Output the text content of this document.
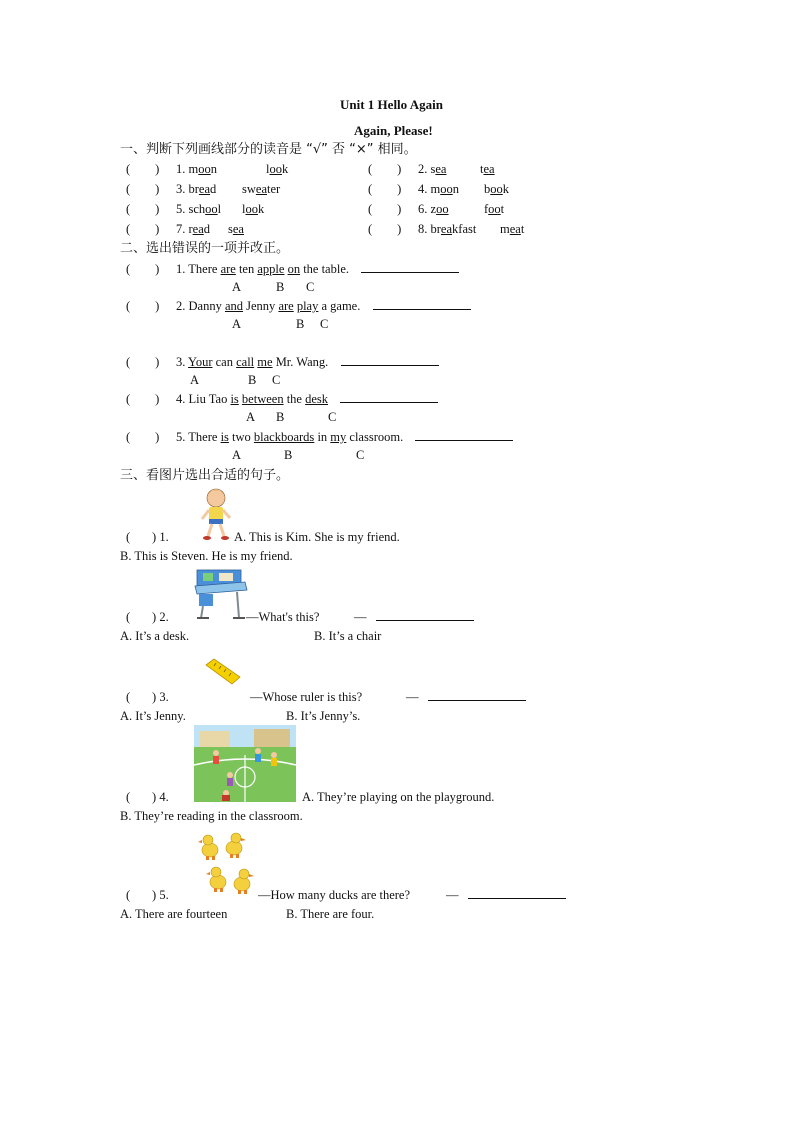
Unit 1 Hello Again
Again, Please!
一、判断下列画线部分的读音是 “√” 否 “×” 相同。
(        ) 1. moon	look	(        ) 2. sea	tea
(        ) 3. bread sweater	(        ) 4. moon book
(        ) 5. school look	(        ) 6. zoo	foot
(        ) 7. read sea	(        ) 8. breakfast meat
二、选出错误的一项并改正。
(        ) 1. There are ten apple on the table.
A	B C
(        ) 2. Danny and Jenny are play a game.
A	B C
(        ) 3. Your can call me Mr. Wang.
A	B C
(        ) 4. Liu Tao is between the desk
A B	C
(        ) 5. There is two blackboards in my classroom.
A	B	C
三、看图片选出合适的句子。
(       ) 1.	A. This is Kim. She is my friend.
B. This is Steven. He is my friend.
(       ) 2.	—What's this?	—
A. It’s a desk.	B. It’s a chair
(       ) 3.	—Whose ruler is this?	—
A. It’s Jenny.	B. It’s Jenny’s.
(       ) 4.	A. They’re playing on the playground.
B. They’re reading in the classroom.
(       ) 5.	—How many ducks are there?	—
A. There are fourteen	B. There are four.
